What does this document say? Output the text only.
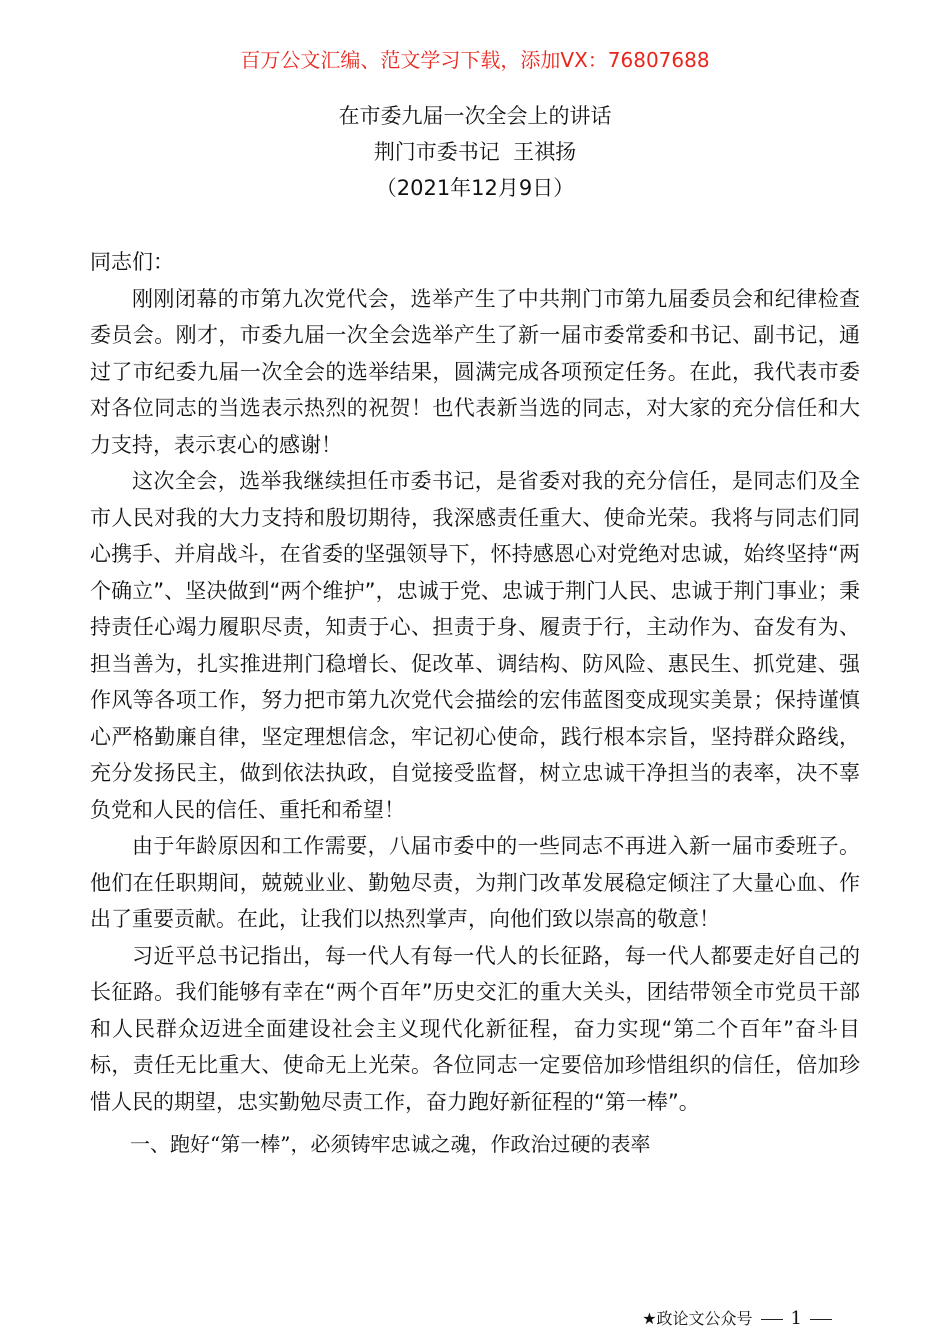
百万公文汇编、范文学习下载，添加VX：76807688
在市委九届一次全会上的讲话
荆门市委书记  王祺扬
（2021年12月9日）

同志们：

刚刚闭幕的市第九次党代会，选举产生了中共荆门市第九届委员会和纪律检查委员会。刚才，市委九届一次全会选举产生了新一届市委常委和书记、副书记，通过了市纪委九届一次全会的选举结果，圆满完成各项预定任务。在此，我代表市委对各位同志的当选表示热烈的祝贺！也代表新当选的同志，对大家的充分信任和大力支持，表示衷心的感谢！

这次全会，选举我继续担任市委书记，是省委对我的充分信任，是同志们及全市人民对我的大力支持和殷切期待，我深感责任重大、使命光荣。我将与同志们同心携手、并肩战斗，在省委的坚强领导下，怀持感恩心对党绝对忠诚，始终坚持“两个确立”、坚决做到“两个维护”，忠诚于党、忠诚于荆门人民、忠诚于荆门事业；秉持责任心竭力履职尽责，知责于心、担责于身、履责于行，主动作为、奋发有为、担当善为，扎实推进荆门稳增长、促改革、调结构、防风险、惠民生、抓党建、强作风等各项工作，努力把市第九次党代会描绘的宏伟蓝图变成现实美景；保持谨慎心严格勤廉自律，坚定理想信念，牢记初心使命，践行根本宗旨，坚持群众路线，充分发扬民主，做到依法执政，自觉接受监督，树立忠诚干净担当的表率，决不辜负党和人民的信任、重托和希望！

由于年龄原因和工作需要，八届市委中的一些同志不再进入新一届市委班子。他们在任职期间，兢兢业业、勤勉尽责，为荆门改革发展稳定倾注了大量心血、作出了重要贡献。在此，让我们以热烈掌声，向他们致以崇高的敬意！

习近平总书记指出，每一代人有每一代人的长征路，每一代人都要走好自己的长征路。我们能够有幸在“两个百年”历史交汇的重大关头，团结带领全市党员干部和人民群众迈进全面建设社会主义现代化新征程，奋力实现“第二个百年”奋斗目标，责任无比重大、使命无上光荣。各位同志一定要倍加珍惜组织的信任，倍加珍惜人民的期望，忠实勤勉尽责工作，奋力跑好新征程的“第一棒”。

一、跑好“第一棒”，必须铸牢忠诚之魂，作政治过硬的表率

★政论文公众号 1
